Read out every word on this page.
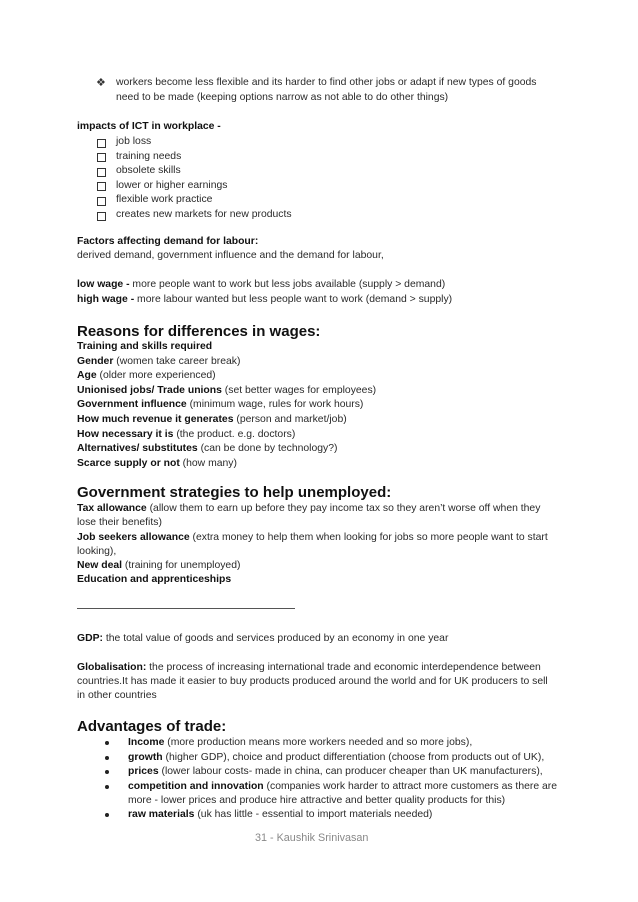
❖ workers become less flexible and its harder to find other jobs or adapt if new types of goods
need to be made (keeping options narrow as not able to do other things)
impacts of ICT in workplace -
job loss
training needs
obsolete skills
lower or higher earnings
flexible work practice
creates new markets for new products
Factors affecting demand for labour:
derived demand, government influence and the demand for labour,
low wage - more people want to work but less jobs available (supply > demand)
high wage - more labour wanted but less people want to work (demand > supply)
Reasons for differences in wages:
Training and skills required
Gender (women take career break)
Age (older more experienced)
Unionised jobs/ Trade unions (set better wages for employees)
Government influence (minimum wage, rules for work hours)
How much revenue it generates (person and market/job)
How necessary it is (the product. e.g. doctors)
Alternatives/ substitutes (can be done by technology?)
Scarce supply or not (how many)
Government strategies to help unemployed:
Tax allowance (allow them to earn up before they pay income tax so they aren’t worse off when they
lose their benefits)
Job seekers allowance (extra money to help them when looking for jobs so more people want to start
looking),
New deal (training for unemployed)
Education and apprenticeships
GDP: the total value of goods and services produced by an economy in one year
Globalisation: the process of increasing international trade and economic interdependence between
countries.It has made it easier to buy products produced around the world and for UK producers to sell
in other countries
Advantages of trade:
Income (more production means more workers needed and so more jobs),
growth (higher GDP), choice and product differentiation (choose from products out of UK),
prices (lower labour costs- made in china, can producer cheaper than UK manufacturers),
competition and innovation (companies work harder to attract more customers as there are
more - lower prices and produce hire attractive and better quality products for this)
raw materials (uk has little - essential to import materials needed)
31 - Kaushik Srinivasan
